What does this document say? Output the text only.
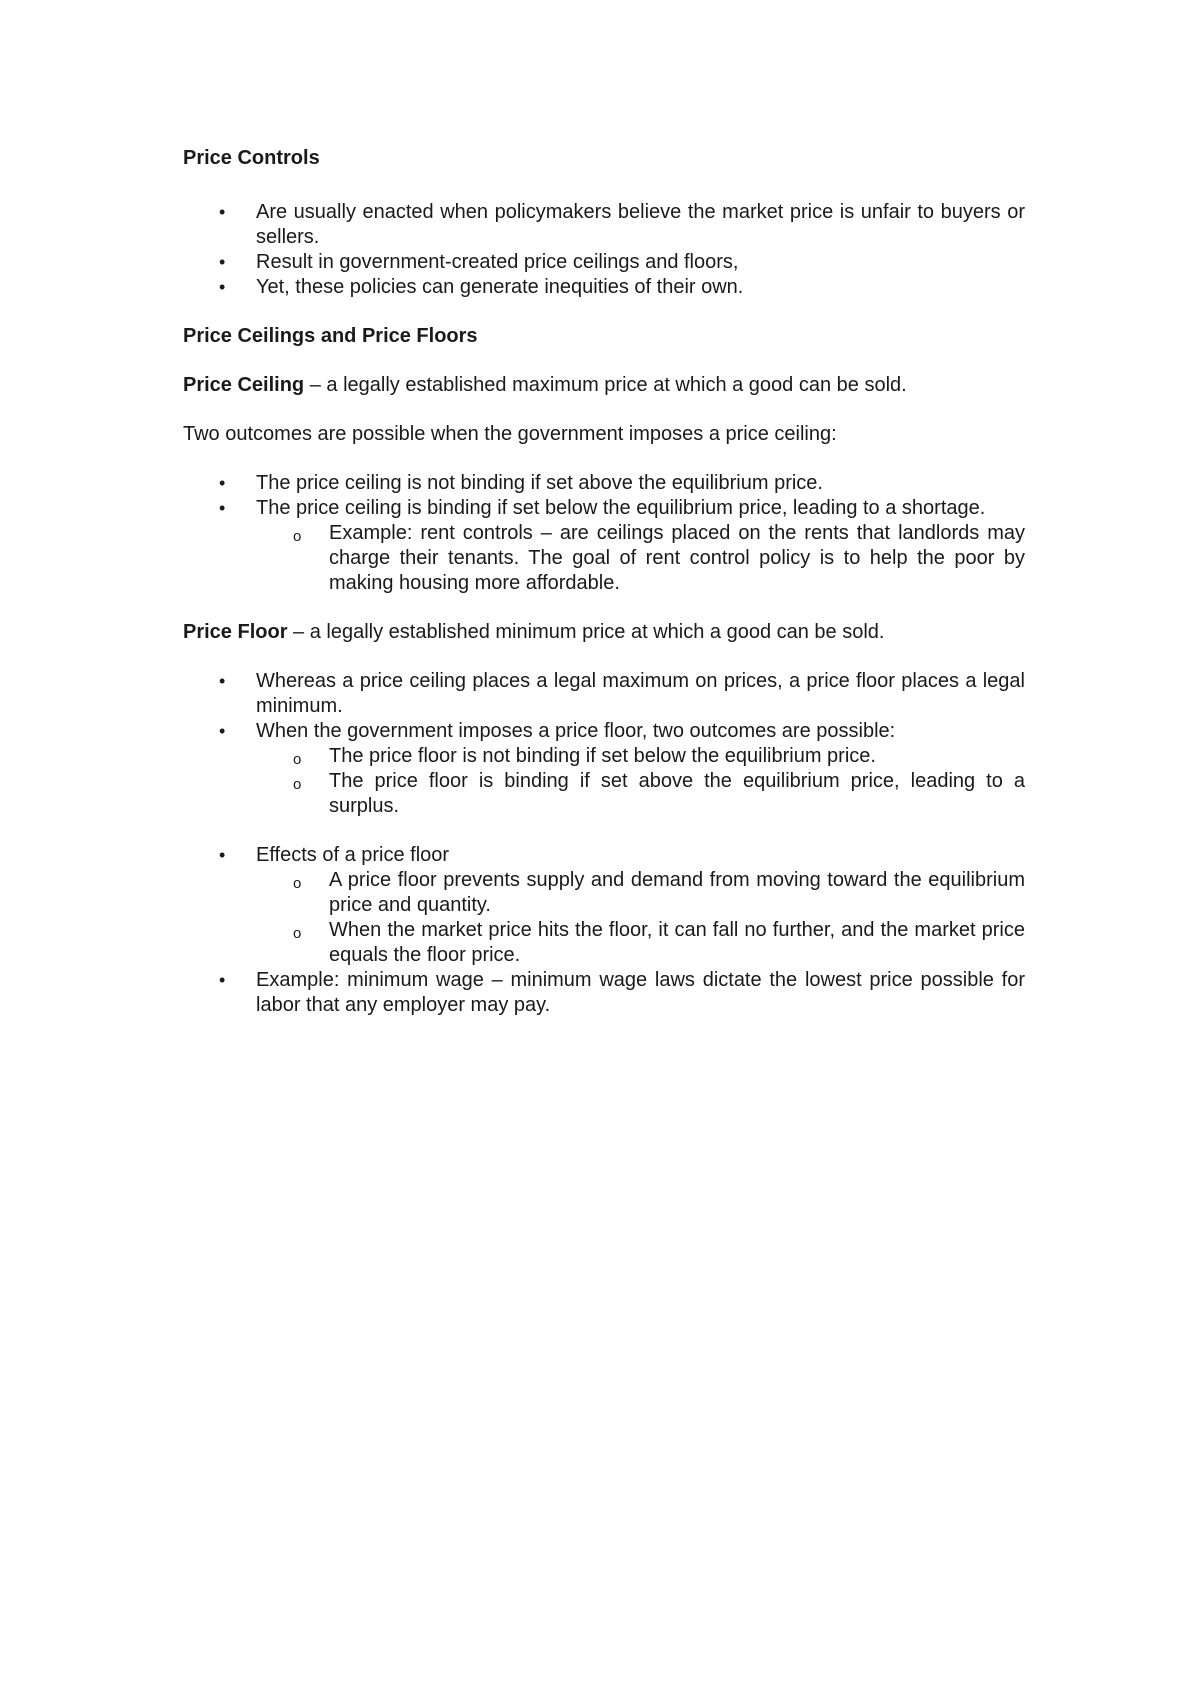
Price Controls

• Are usually enacted when policymakers believe the market price is unfair to buyers or sellers.
• Result in government-created price ceilings and floors,
• Yet, these policies can generate inequities of their own.

Price Ceilings and Price Floors

Price Ceiling – a legally established maximum price at which a good can be sold.

Two outcomes are possible when the government imposes a price ceiling:

• The price ceiling is not binding if set above the equilibrium price.
• The price ceiling is binding if set below the equilibrium price, leading to a shortage.
o Example: rent controls – are ceilings placed on the rents that landlords may charge their tenants. The goal of rent control policy is to help the poor by making housing more affordable.

Price Floor – a legally established minimum price at which a good can be sold.

• Whereas a price ceiling places a legal maximum on prices, a price floor places a legal minimum.
• When the government imposes a price floor, two outcomes are possible:
o The price floor is not binding if set below the equilibrium price.
o The price floor is binding if set above the equilibrium price, leading to a surplus.
• Effects of a price floor
o A price floor prevents supply and demand from moving toward the equilibrium price and quantity.
o When the market price hits the floor, it can fall no further, and the market price equals the floor price.
• Example: minimum wage – minimum wage laws dictate the lowest price possible for labor that any employer may pay.
